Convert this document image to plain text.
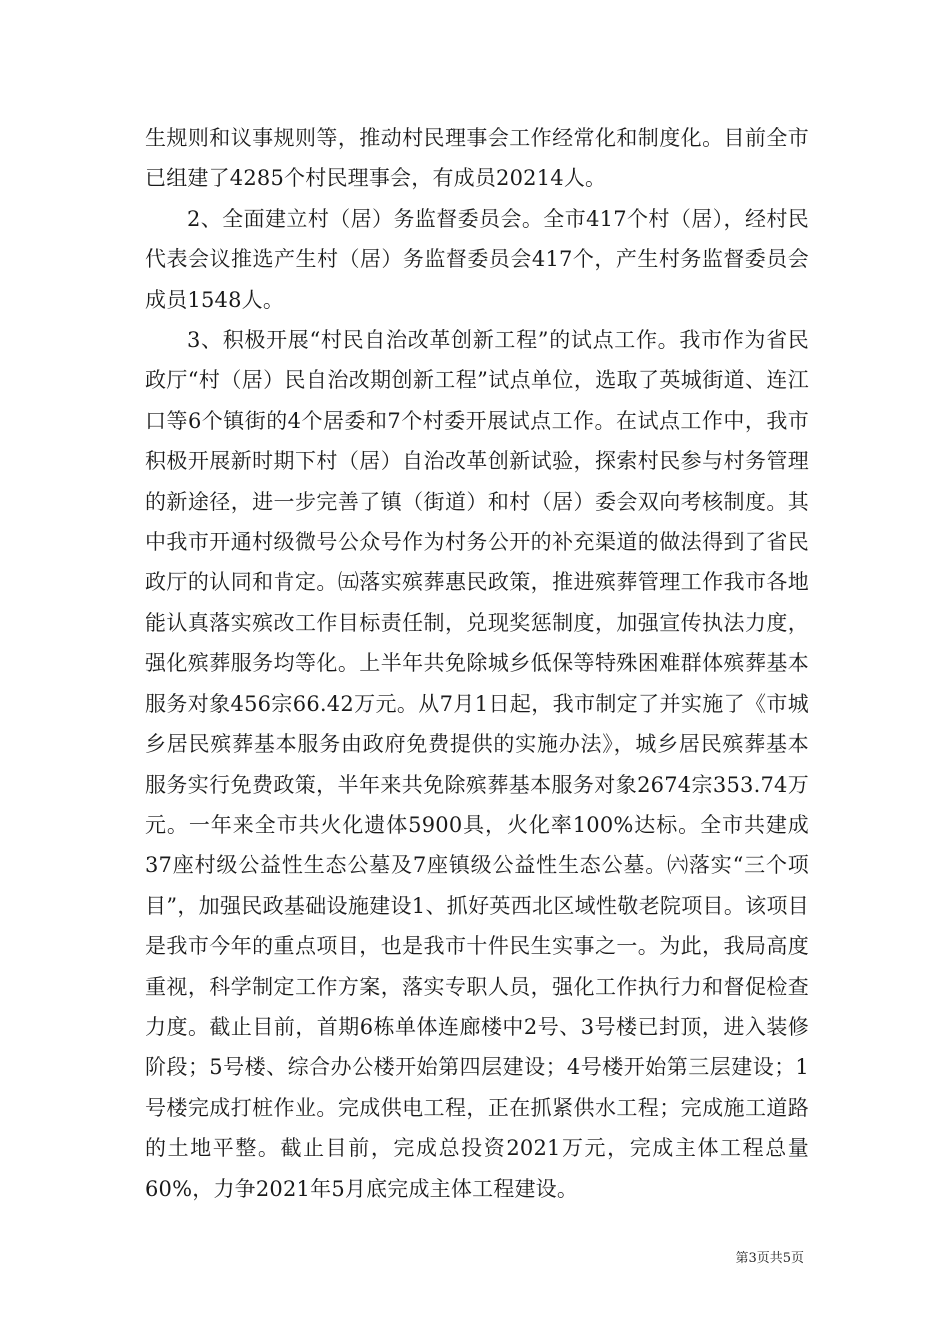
生规则和议事规则等，推动村民理事会工作经常化和制度化。目前全市已组建了4285个村民理事会，有成员20214人。

2、全面建立村（居）务监督委员会。全市417个村（居），经村民代表会议推选产生村（居）务监督委员会417个，产生村务监督委员会成员1548人。

3、积极开展“村民自治改革创新工程”的试点工作。我市作为省民政厅“村（居）民自治改期创新工程”试点单位，选取了英城街道、连江口等6个镇街的4个居委和7个村委开展试点工作。在试点工作中，我市积极开展新时期下村（居）自治改革创新试验，探索村民参与村务管理的新途径，进一步完善了镇（街道）和村（居）委会双向考核制度。其中我市开通村级微号公众号作为村务公开的补充渠道的做法得到了省民政厅的认同和肯定。㈤落实殡葬惠民政策，推进殡葬管理工作我市各地能认真落实殡改工作目标责任制，兑现奖惩制度，加强宣传执法力度，强化殡葬服务均等化。上半年共免除城乡低保等特殊困难群体殡葬基本服务对象456宗66.42万元。从7月1日起，我市制定了并实施了《市城乡居民殡葬基本服务由政府免费提供的实施办法》，城乡居民殡葬基本服务实行免费政策，半年来共免除殡葬基本服务对象2674宗353.74万元。一年来全市共火化遗体5900具，火化率100%达标。全市共建成37座村级公益性生态公墓及7座镇级公益性生态公墓。㈥落实“三个项目”，加强民政基础设施建设1、抓好英西北区域性敬老院项目。该项目是我市今年的重点项目，也是我市十件民生实事之一。为此，我局高度重视，科学制定工作方案，落实专职人员，强化工作执行力和督促检查力度。截止目前，首期6栋单体连廊楼中2号、3号楼已封顶，进入装修阶段；5号楼、综合办公楼开始第四层建设；4号楼开始第三层建设；1号楼完成打桩作业。完成供电工程，正在抓紧供水工程；完成施工道路的土地平整。截止目前，完成总投资2021万元，完成主体工程总量60%，力争2021年5月底完成主体工程建设。

第3页共5页
